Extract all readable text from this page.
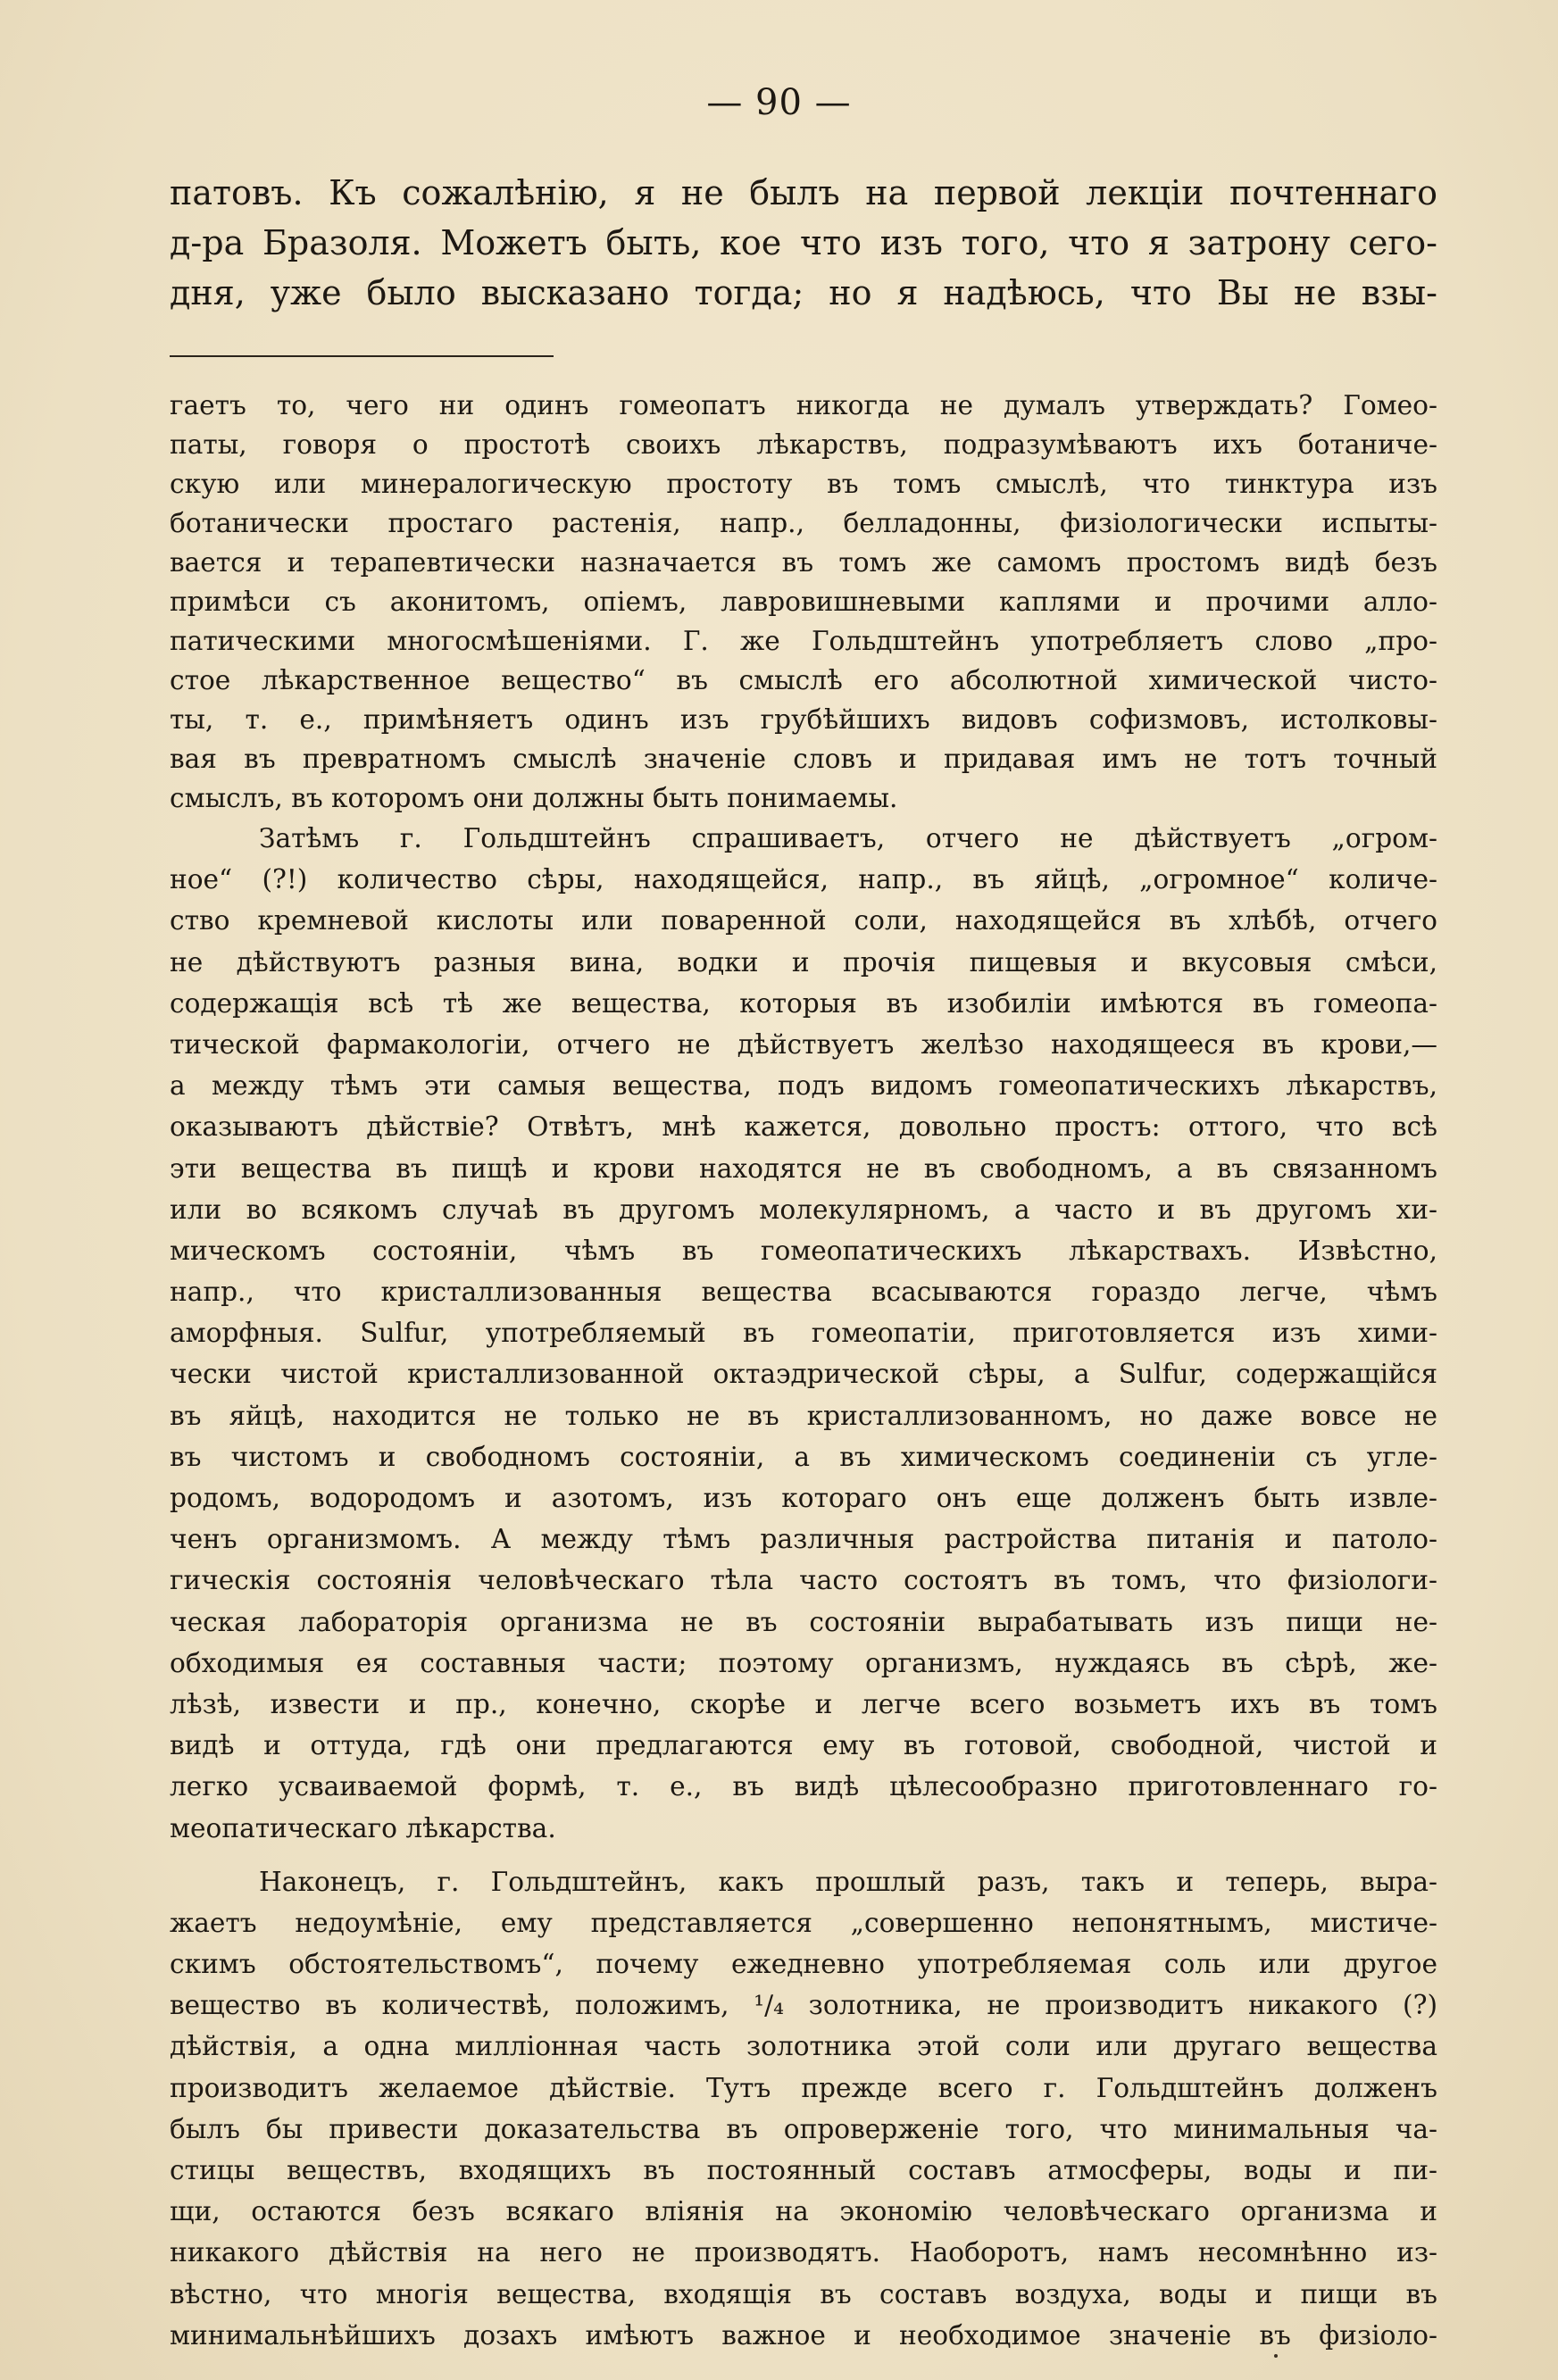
— 90 —
патовъ. Къ сожалѣнію, я не былъ на первой лекціи почтеннаго
д-ра Бразоля. Можетъ быть, кое что изъ того, что я затрону сего-
дня, уже было высказано тогда; но я надѣюсь, что Вы не взы-
гаетъ то, чего ни одинъ гомеопатъ никогда не думалъ утверждать? Гомео-
паты, говоря о простотѣ своихъ лѣкарствъ, подразумѣваютъ ихъ ботаниче-
скую или минералогическую простоту въ томъ смыслѣ, что тинктура изъ
ботанически простаго растенія, напр., белладонны, физіологически испыты-
вается и терапевтически назначается въ томъ же самомъ простомъ видѣ безъ
примѣси съ аконитомъ, опіемъ, лавровишневыми каплями и прочими алло-
патическими многосмѣшеніями. Г. же Гольдштейнъ употребляетъ слово „про-
стое лѣкарственное вещество“ въ смыслѣ его абсолютной химической чисто-
ты, т. е., примѣняетъ одинъ изъ грубѣйшихъ видовъ софизмовъ, истолковы-
вая въ превратномъ смыслѣ значеніе словъ и придавая имъ не тотъ точный
смыслъ, въ которомъ они должны быть понимаемы.
Затѣмъ г. Гольдштейнъ спрашиваетъ, отчего не дѣйствуетъ „огром-
ное“ (?!) количество сѣры, находящейся, напр., въ яйцѣ, „огромное“ количе-
ство кремневой кислоты или поваренной соли, находящейся въ хлѣбѣ, отчего
не дѣйствуютъ разныя вина, водки и прочія пищевыя и вкусовыя смѣси,
содержащія всѣ тѣ же вещества, которыя въ изобиліи имѣются въ гомеопа-
тической фармакологіи, отчего не дѣйствуетъ желѣзо находящееся въ крови,—
а между тѣмъ эти самыя вещества, подъ видомъ гомеопатическихъ лѣкарствъ,
оказываютъ дѣйствіе? Отвѣтъ, мнѣ кажется, довольно простъ: оттого, что всѣ
эти вещества въ пищѣ и крови находятся не въ свободномъ, а въ связанномъ
или во всякомъ случаѣ въ другомъ молекулярномъ, а часто и въ другомъ хи-
мическомъ состояніи, чѣмъ въ гомеопатическихъ лѣкарствахъ. Извѣстно,
напр., что кристаллизованныя вещества всасываются гораздо легче, чѣмъ
аморфныя. Sulfur, употребляемый въ гомеопатіи, приготовляется изъ хими-
чески чистой кристаллизованной октаэдрической сѣры, а Sulfur, содержащійся
въ яйцѣ, находится не только не въ кристаллизованномъ, но даже вовсе не
въ чистомъ и свободномъ состояніи, а въ химическомъ соединеніи съ угле-
родомъ, водородомъ и азотомъ, изъ котораго онъ еще долженъ быть извле-
ченъ организмомъ. А между тѣмъ различныя растройства питанія и патоло-
гическія состоянія человѣческаго тѣла часто состоятъ въ томъ, что физіологи-
ческая лабораторія организма не въ состояніи вырабатывать изъ пищи не-
обходимыя ея составныя части; поэтому организмъ, нуждаясь въ сѣрѣ, же-
лѣзѣ, извести и пр., конечно, скорѣе и легче всего возьметъ ихъ въ томъ
видѣ и оттуда, гдѣ они предлагаются ему въ готовой, свободной, чистой и
легко усваиваемой формѣ, т. е., въ видѣ цѣлесообразно приготовленнаго го-
меопатическаго лѣкарства.
Наконецъ, г. Гольдштейнъ, какъ прошлый разъ, такъ и теперь, выра-
жаетъ недоумѣніе, ему представляется „совершенно непонятнымъ, мистиче-
скимъ обстоятельствомъ“, почему ежедневно употребляемая соль или другое
вещество въ количествѣ, положимъ, ¹/₄ золотника, не производитъ никакого (?)
дѣйствія, а одна милліонная часть золотника этой соли или другаго вещества
производитъ желаемое дѣйствіе. Тутъ прежде всего г. Гольдштейнъ долженъ
былъ бы привести доказательства въ опроверженіе того, что минимальныя ча-
стицы веществъ, входящихъ въ постоянный составъ атмосферы, воды и пи-
щи, остаются безъ всякаго вліянія на экономію человѣческаго организма и
никакого дѣйствія на него не производятъ. Наоборотъ, намъ несомнѣнно из-
вѣстно, что многія вещества, входящія въ составъ воздуха, воды и пищи въ
минимальнѣйшихъ дозахъ имѣютъ важное и необходимое значеніе въ физіоло-
